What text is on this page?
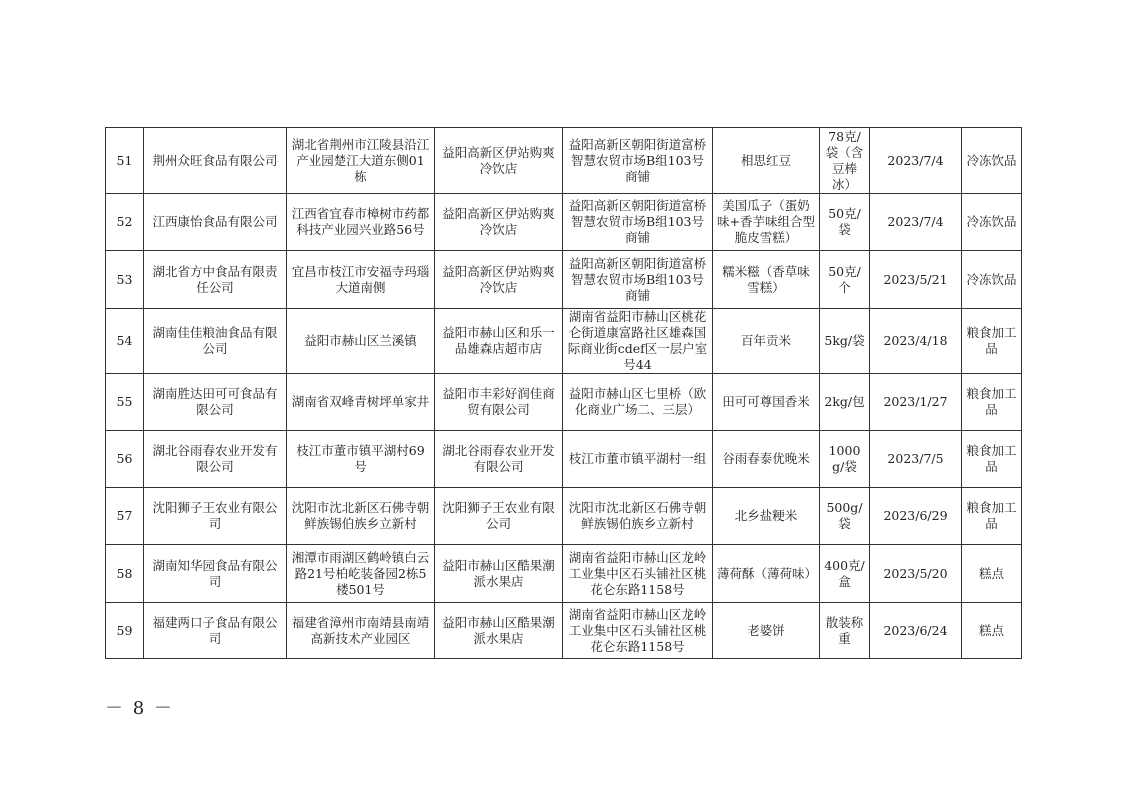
51	荆州众旺食品有限公司	湖北省荆州市江陵县沿江产业园楚江大道东侧01栋	益阳高新区伊站购爽冷饮店	益阳高新区朝阳街道富桥智慧农贸市场B组103号商铺	相思红豆	78克/袋（含豆棒冰）	2023/7/4	冷冻饮品
52	江西康怡食品有限公司	江西省宜春市樟树市药都科技产业园兴业路56号	益阳高新区伊站购爽冷饮店	益阳高新区朝阳街道富桥智慧农贸市场B组103号商铺	美国瓜子（蛋奶味+香芋味组合型脆皮雪糕）	50克/袋	2023/7/4	冷冻饮品
53	湖北省方中食品有限责任公司	宜昌市枝江市安福寺玛瑙大道南侧	益阳高新区伊站购爽冷饮店	益阳高新区朝阳街道富桥智慧农贸市场B组103号商铺	糯米糍（香草味雪糕）	50克/个	2023/5/21	冷冻饮品
54	湖南佳佳粮油食品有限公司	益阳市赫山区兰溪镇	益阳市赫山区和乐一品雄森店超市店	湖南省益阳市赫山区桃花仑街道康富路社区雄森国际商业街cdef区一层户室号44	百年贡米	5kg/袋	2023/4/18	粮食加工品
55	湖南胜达田可可食品有限公司	湖南省双峰青树坪单家井	益阳市丰彩好润佳商贸有限公司	益阳市赫山区七里桥（欧化商业广场二、三层）	田可可尊国香米	2kg/包	2023/1/27	粮食加工品
56	湖北谷雨春农业开发有限公司	枝江市董市镇平湖村69号	湖北谷雨春农业开发有限公司	枝江市董市镇平湖村一组	谷雨春泰优晚米	1000g/袋	2023/7/5	粮食加工品
57	沈阳狮子王农业有限公司	沈阳市沈北新区石佛寺朝鲜族锡伯族乡立新村	沈阳狮子王农业有限公司	沈阳市沈北新区石佛寺朝鲜族锡伯族乡立新村	北乡盐粳米	500g/袋	2023/6/29	粮食加工品
58	湖南知华园食品有限公司	湘潭市雨湖区鹤岭镇白云路21号柏屹装备园2栋5楼501号	益阳市赫山区酷果潮派水果店	湖南省益阳市赫山区龙岭工业集中区石头铺社区桃花仑东路1158号	薄荷酥（薄荷味）	400克/盒	2023/5/20	糕点
59	福建两口子食品有限公司	福建省漳州市南靖县南靖高新技术产业园区	益阳市赫山区酷果潮派水果店	湖南省益阳市赫山区龙岭工业集中区石头铺社区桃花仑东路1158号	老婆饼	散装称重	2023/6/24	糕点
－ 8 －
